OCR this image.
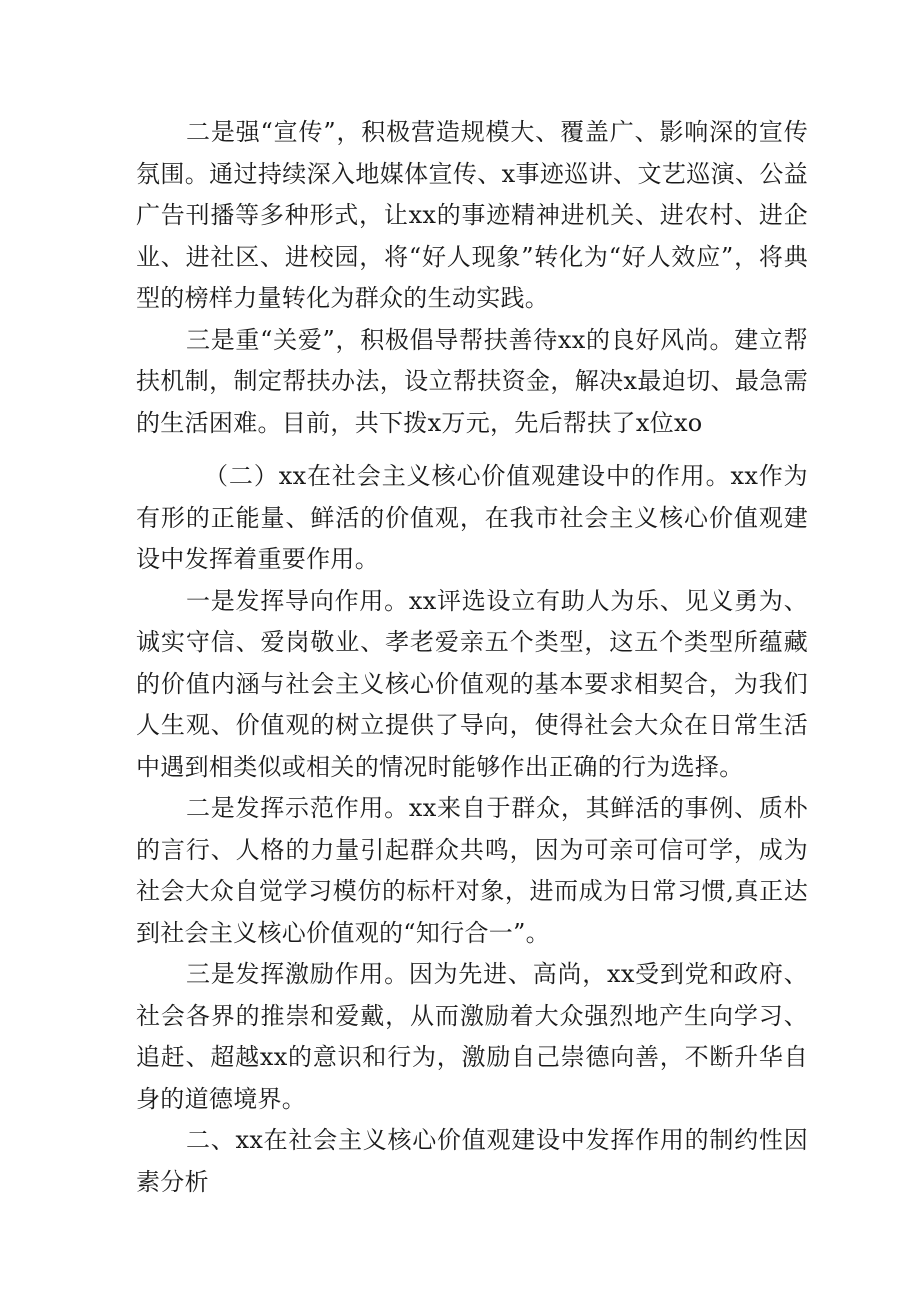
二是强“宣传”，积极营造规模大、覆盖广、影响深的宣传氛围。通过持续深入地媒体宣传、x事迹巡讲、文艺巡演、公益广告刊播等多种形式，让xx的事迹精神进机关、进农村、进企业、进社区、进校园，将“好人现象”转化为“好人效应”，将典型的榜样力量转化为群众的生动实践。

三是重“关爱”，积极倡导帮扶善待xx的良好风尚。建立帮扶机制，制定帮扶办法，设立帮扶资金，解决x最迫切、最急需的生活困难。目前，共下拨x万元，先后帮扶了x位xo

（二）xx在社会主义核心价值观建设中的作用。xx作为有形的正能量、鲜活的价值观，在我市社会主义核心价值观建设中发挥着重要作用。

一是发挥导向作用。xx评选设立有助人为乐、见义勇为、诚实守信、爱岗敬业、孝老爱亲五个类型，这五个类型所蕴藏的价值内涵与社会主义核心价值观的基本要求相契合，为我们人生观、价值观的树立提供了导向，使得社会大众在日常生活中遇到相类似或相关的情况时能够作出正确的行为选择。

二是发挥示范作用。xx来自于群众，其鲜活的事例、质朴的言行、人格的力量引起群众共鸣，因为可亲可信可学，成为社会大众自觉学习模仿的标杆对象，进而成为日常习惯,真正达到社会主义核心价值观的“知行合一”。

三是发挥激励作用。因为先进、高尚，xx受到党和政府、社会各界的推崇和爱戴，从而激励着大众强烈地产生向学习、追赶、超越xx的意识和行为，激励自己崇德向善，不断升华自身的道德境界。

二、xx在社会主义核心价值观建设中发挥作用的制约性因素分析
